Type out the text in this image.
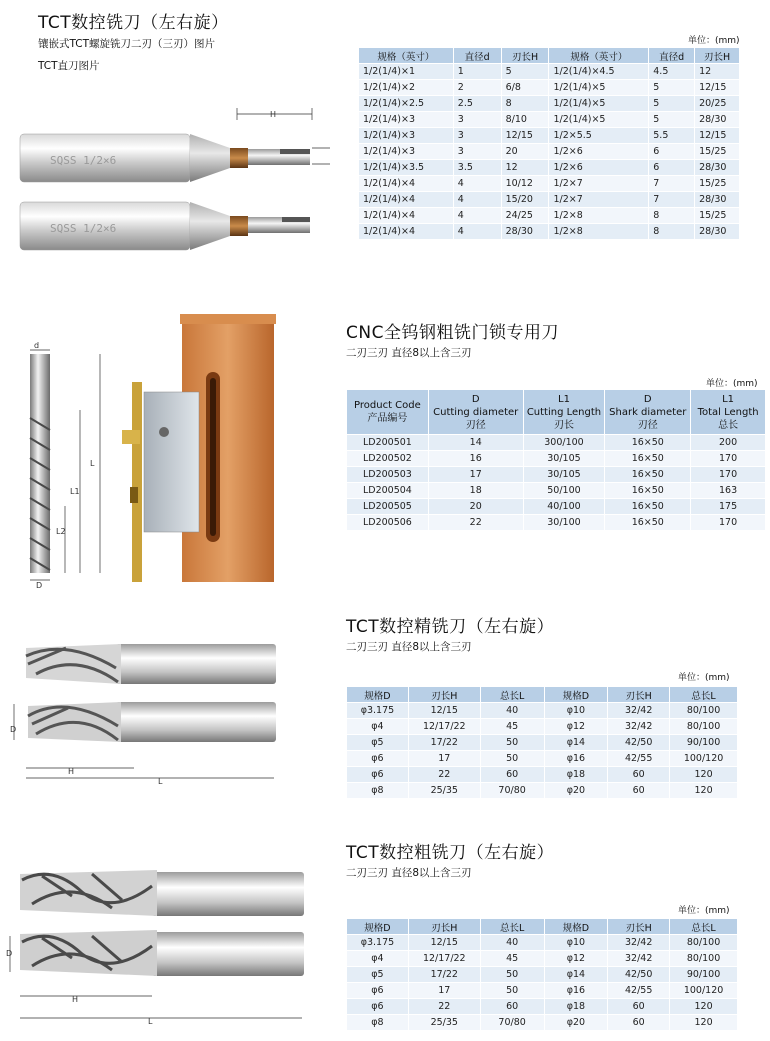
TCT数控铣刀（左右旋）
镶嵌式TCT螺旋铣刀二刃（三刃）图片
TCT直刀图片
单位：(mm)
H
SQSS 1/2×6
SQSS 1/2×6
规格（英寸）	直径d	刃长H	规格（英寸）	直径d	刃长H
1/2(1/4)×1	1	5	1/2(1/4)×4.5	4.5	12
1/2(1/4)×2	2	6/8	1/2(1/4)×5	5	12/15
1/2(1/4)×2.5	2.5	8	1/2(1/4)×5	5	20/25
1/2(1/4)×3	3	8/10	1/2(1/4)×5	5	28/30
1/2(1/4)×3	3	12/15	1/2×5.5	5.5	12/15
1/2(1/4)×3	3	20	1/2×6	6	15/25
1/2(1/4)×3.5	3.5	12	1/2×6	6	28/30
1/2(1/4)×4	4	10/12	1/2×7	7	15/25
1/2(1/4)×4	4	15/20	1/2×7	7	28/30
1/2(1/4)×4	4	24/25	1/2×8	8	15/25
1/2(1/4)×4	4	28/30	1/2×8	8	28/30
CNC全钨钢粗铣门锁专用刀
二刃三刃 直径8以上含三刃
单位：(mm)
d
L
L1
L2
D
Product Code
产品编号	D
Cutting diameter
刃径	L1
Cutting Length
刃长	D
Shark diameter
刃径	L1
Total Length
总长
LD200501	14	300/100	16×50	200
LD200502	16	30/105	16×50	170
LD200503	17	30/105	16×50	170
LD200504	18	50/100	16×50	163
LD200505	20	40/100	16×50	175
LD200506	22	30/100	16×50	170
TCT数控精铣刀（左右旋）
二刃三刃 直径8以上含三刃
单位：(mm)
D
H
L
规格D	刃长H	总长L	规格D	刃长H	总长L
φ3.175	12/15	40	φ10	32/42	80/100
φ4	12/17/22	45	φ12	32/42	80/100
φ5	17/22	50	φ14	42/50	90/100
φ6	17	50	φ16	42/55	100/120
φ6	22	60	φ18	60	120
φ8	25/35	70/80	φ20	60	120
TCT数控粗铣刀（左右旋）
二刃三刃 直径8以上含三刃
单位：(mm)
D
H
L
规格D	刃长H	总长L	规格D	刃长H	总长L
φ3.175	12/15	40	φ10	32/42	80/100
φ4	12/17/22	45	φ12	32/42	80/100
φ5	17/22	50	φ14	42/50	90/100
φ6	17	50	φ16	42/55	100/120
φ6	22	60	φ18	60	120
φ8	25/35	70/80	φ20	60	120
